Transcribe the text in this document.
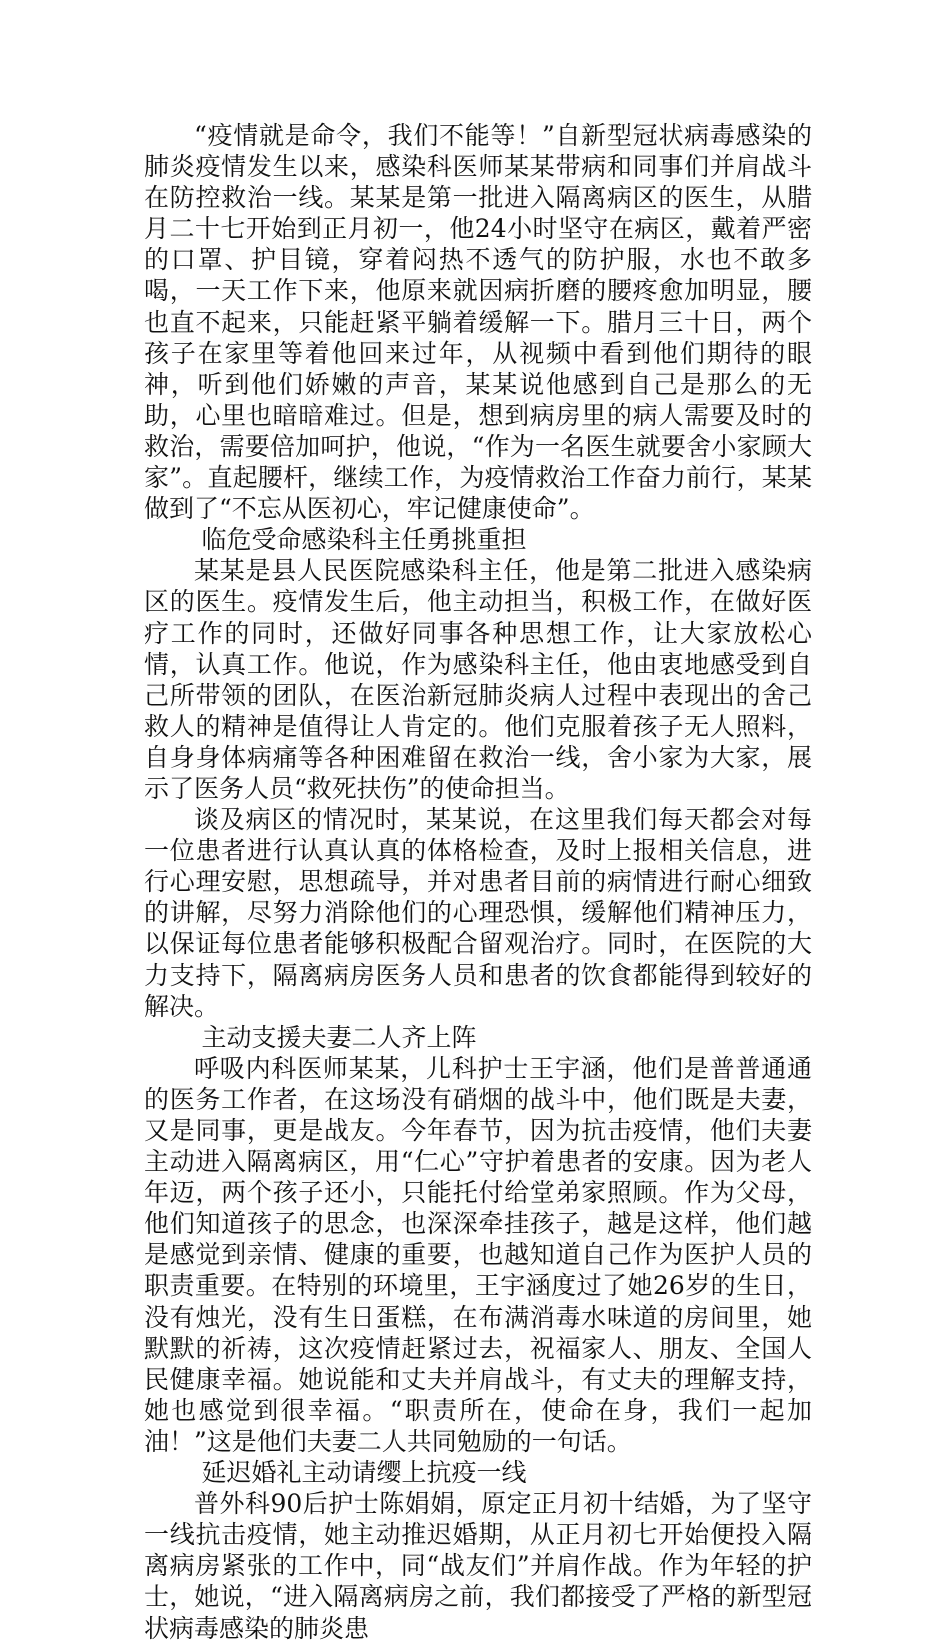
“疫情就是命令，我们不能等！”自新型冠状病毒感染的肺炎疫情发生以来，感染科医师某某带病和同事们并肩战斗在防控救治一线。某某是第一批进入隔离病区的医生，从腊月二十七开始到正月初一，他24小时坚守在病区，戴着严密的口罩、护目镜，穿着闷热不透气的防护服，水也不敢多喝，一天工作下来，他原来就因病折磨的腰疼愈加明显，腰也直不起来，只能赶紧平躺着缓解一下。腊月三十日，两个孩子在家里等着他回来过年，从视频中看到他们期待的眼神，听到他们娇嫩的声音，某某说他感到自己是那么的无助，心里也暗暗难过。但是，想到病房里的病人需要及时的救治，需要倍加呵护，他说，“作为一名医生就要舍小家顾大家”。直起腰杆，继续工作，为疫情救治工作奋力前行，某某做到了“不忘从医初心，牢记健康使命”。

临危受命感染科主任勇挑重担

某某是县人民医院感染科主任，他是第二批进入感染病区的医生。疫情发生后，他主动担当，积极工作，在做好医疗工作的同时，还做好同事各种思想工作，让大家放松心情，认真工作。他说，作为感染科主任，他由衷地感受到自己所带领的团队，在医治新冠肺炎病人过程中表现出的舍己救人的精神是值得让人肯定的。他们克服着孩子无人照料，自身身体病痛等各种困难留在救治一线，舍小家为大家，展示了医务人员“救死扶伤”的使命担当。

谈及病区的情况时，某某说，在这里我们每天都会对每一位患者进行认真认真的体格检查，及时上报相关信息，进行心理安慰，思想疏导，并对患者目前的病情进行耐心细致的讲解，尽努力消除他们的心理恐惧，缓解他们精神压力，以保证每位患者能够积极配合留观治疗。同时，在医院的大力支持下，隔离病房医务人员和患者的饮食都能得到较好的解决。

主动支援夫妻二人齐上阵

呼吸内科医师某某，儿科护士王宇涵，他们是普普通通的医务工作者，在这场没有硝烟的战斗中，他们既是夫妻，又是同事，更是战友。今年春节，因为抗击疫情，他们夫妻主动进入隔离病区，用“仁心”守护着患者的安康。因为老人年迈，两个孩子还小，只能托付给堂弟家照顾。作为父母，他们知道孩子的思念，也深深牵挂孩子，越是这样，他们越是感觉到亲情、健康的重要，也越知道自己作为医护人员的职责重要。在特别的环境里，王宇涵度过了她26岁的生日，没有烛光，没有生日蛋糕，在布满消毒水味道的房间里，她默默的祈祷，这次疫情赶紧过去，祝福家人、朋友、全国人民健康幸福。她说能和丈夫并肩战斗，有丈夫的理解支持，她也感觉到很幸福。“职责所在，使命在身，我们一起加油！”这是他们夫妻二人共同勉励的一句话。

延迟婚礼主动请缨上抗疫一线

普外科90后护士陈娟娟，原定正月初十结婚，为了坚守一线抗击疫情，她主动推迟婚期，从正月初七开始便投入隔离病房紧张的工作中，同“战友们”并肩作战。作为年轻的护士，她说，“进入隔离病房之前，我们都接受了严格的新型冠状病毒感染的肺炎患
